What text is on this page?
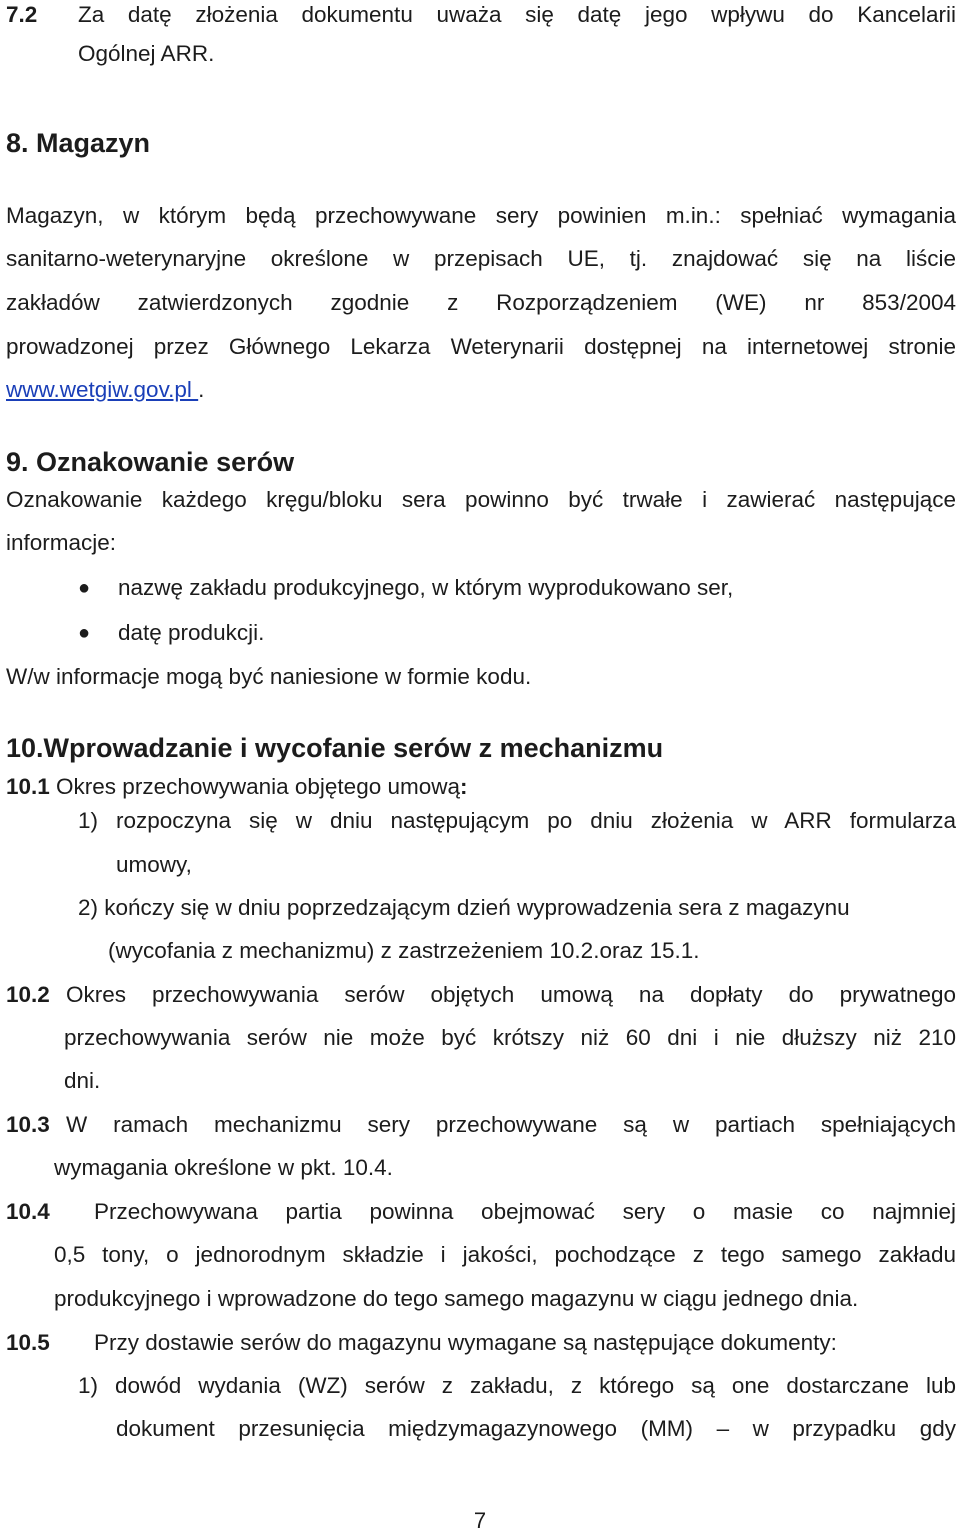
7.2 Za datę złożenia dokumentu uważa się datę jego wpływu do Kancelarii
Ogólnej ARR.
8. Magazyn
Magazyn, w którym będą przechowywane sery powinien m.in.: spełniać wymagania
sanitarno-weterynaryjne określone w przepisach UE, tj. znajdować się na liście
zakładów zatwierdzonych zgodnie z Rozporządzeniem (WE) nr 853/2004
prowadzonej przez Głównego Lekarza Weterynarii dostępnej na internetowej stronie
www.wetgiw.gov.pl .
9. Oznakowanie serów
Oznakowanie każdego kręgu/bloku sera powinno być trwałe i zawierać następujące
informacje:
● nazwę zakładu produkcyjnego, w którym wyprodukowano ser,
● datę produkcji.
W/w informacje mogą być naniesione w formie kodu.
10.Wprowadzanie i wycofanie serów z mechanizmu
10.1 Okres przechowywania objętego umową:
1) rozpoczyna się w dniu następującym po dniu złożenia w ARR formularza
umowy,
2) kończy się w dniu poprzedzającym dzień wyprowadzenia sera z magazynu
(wycofania z mechanizmu) z zastrzeżeniem 10.2.oraz 15.1.
10.2 Okres przechowywania serów objętych umową na dopłaty do prywatnego
przechowywania serów nie może być krótszy niż 60 dni i nie dłuższy niż 210
dni.
10.3 W ramach mechanizmu sery przechowywane są w partiach spełniających
wymagania określone w pkt. 10.4.
10.4 Przechowywana partia powinna obejmować sery o masie co najmniej
0,5 tony, o jednorodnym składzie i jakości, pochodzące z tego samego zakładu
produkcyjnego i wprowadzone do tego samego magazynu w ciągu jednego dnia.
10.5 Przy dostawie serów do magazynu wymagane są następujące dokumenty:
1) dowód wydania (WZ) serów z zakładu, z którego są one dostarczane lub
dokument przesunięcia międzymagazynowego (MM) – w przypadku gdy
7
